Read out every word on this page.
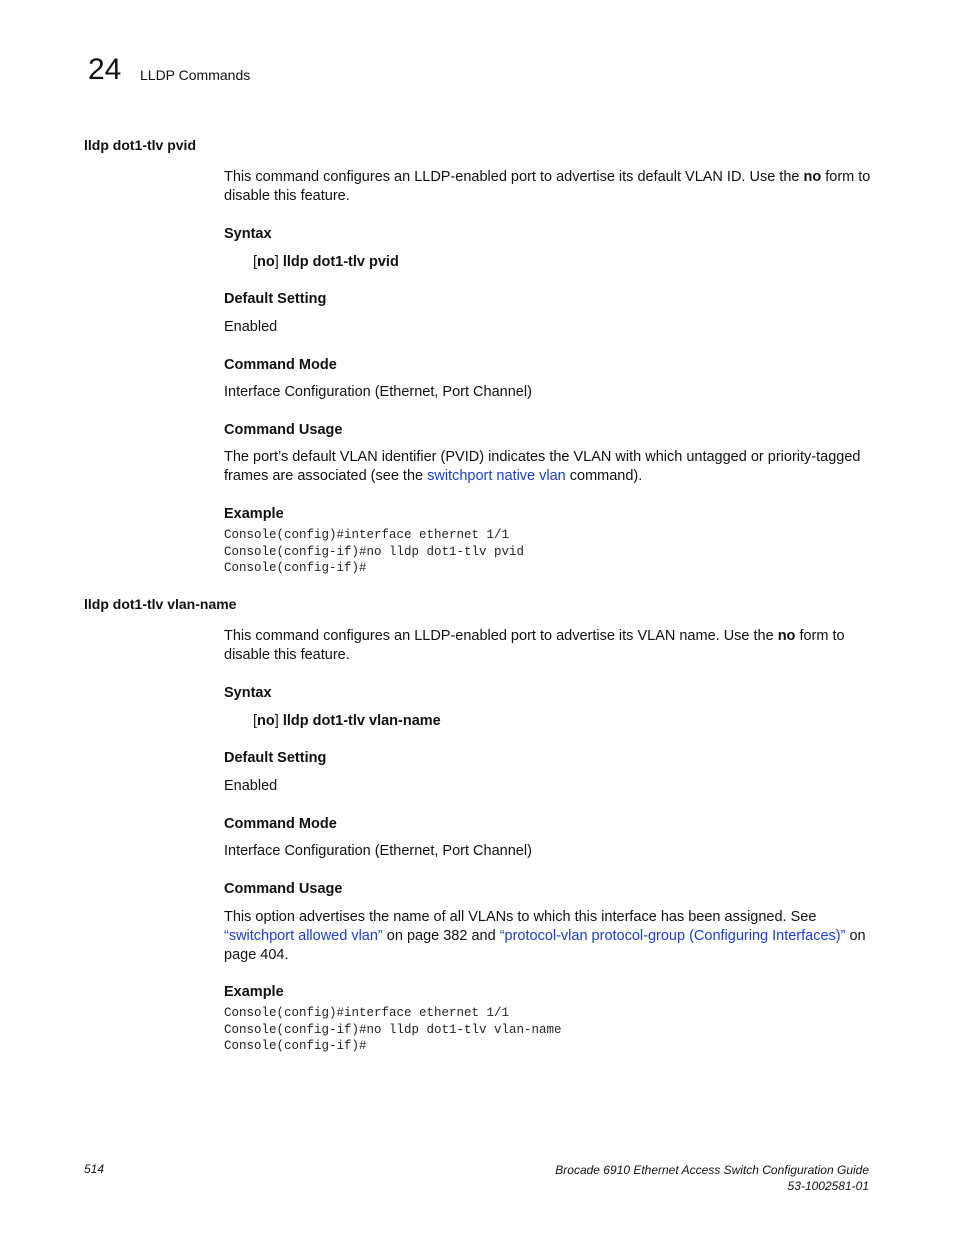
24 LLDP Commands
lldp dot1-tlv pvid
This command configures an LLDP-enabled port to advertise its default VLAN ID. Use the no form to disable this feature.
Syntax
[no] lldp dot1-tlv pvid
Default Setting
Enabled
Command Mode
Interface Configuration (Ethernet, Port Channel)
Command Usage
The port’s default VLAN identifier (PVID) indicates the VLAN with which untagged or priority-tagged frames are associated (see the switchport native vlan command).
Example
Console(config)#interface ethernet 1/1
Console(config-if)#no lldp dot1-tlv pvid
Console(config-if)#
lldp dot1-tlv vlan-name
This command configures an LLDP-enabled port to advertise its VLAN name. Use the no form to disable this feature.
Syntax
[no] lldp dot1-tlv vlan-name
Default Setting
Enabled
Command Mode
Interface Configuration (Ethernet, Port Channel)
Command Usage
This option advertises the name of all VLANs to which this interface has been assigned. See “switchport allowed vlan” on page 382 and “protocol-vlan protocol-group (Configuring Interfaces)” on page 404.
Example
Console(config)#interface ethernet 1/1
Console(config-if)#no lldp dot1-tlv vlan-name
Console(config-if)#
514	Brocade 6910 Ethernet Access Switch Configuration Guide
53-1002581-01
